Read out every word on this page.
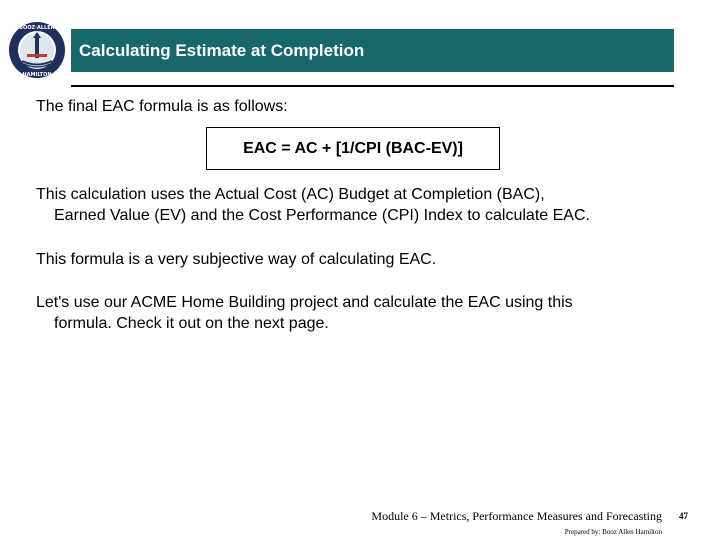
BOOZ·ALLEN
HAMILTON
Calculating Estimate at Completion
The final EAC formula is as follows:
EAC = AC + [1/CPI (BAC-EV)]
This calculation uses the Actual Cost (AC) Budget at Completion (BAC),
Earned Value (EV) and the Cost Performance (CPI) Index to calculate EAC.
This formula is a very subjective way of calculating EAC.
Let's use our ACME Home Building project and calculate the EAC using this
formula. Check it out on the next page.
Module 6 – Metrics, Performance Measures and Forecasting
Prepared by: Booz Allen Hamilton
47
